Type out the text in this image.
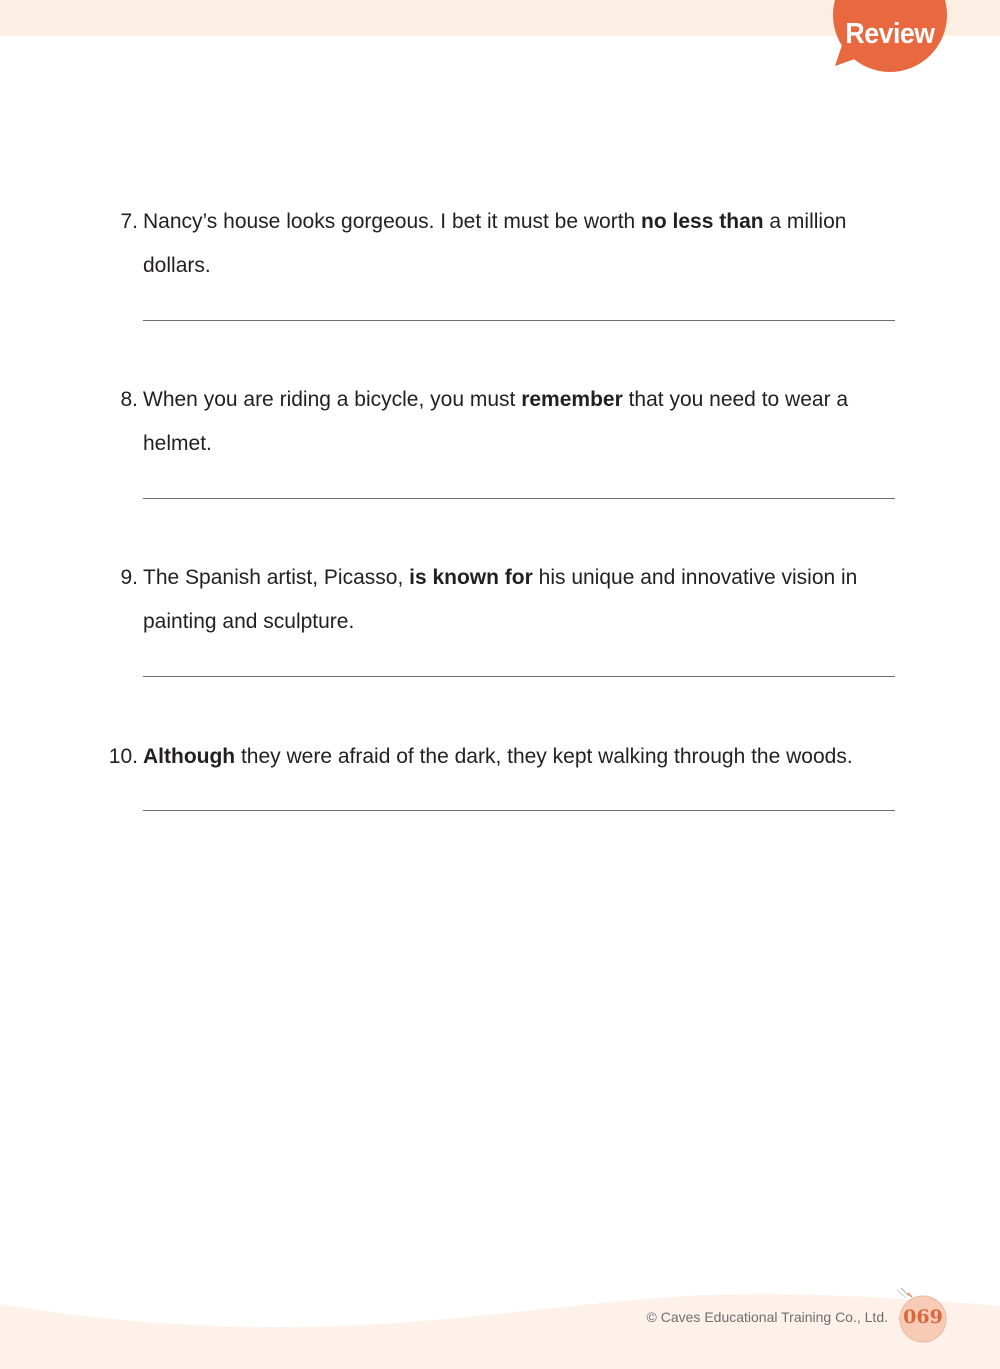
Review
7. Nancy’s house looks gorgeous. I bet it must be worth no less than a million dollars.

8. When you are riding a bicycle, you must remember that you need to wear a helmet.

9. The Spanish artist, Picasso, is known for his unique and innovative vision in painting and sculpture.

10. Although they were afraid of the dark, they kept walking through the woods.

© Caves Educational Training Co., Ltd. 069
